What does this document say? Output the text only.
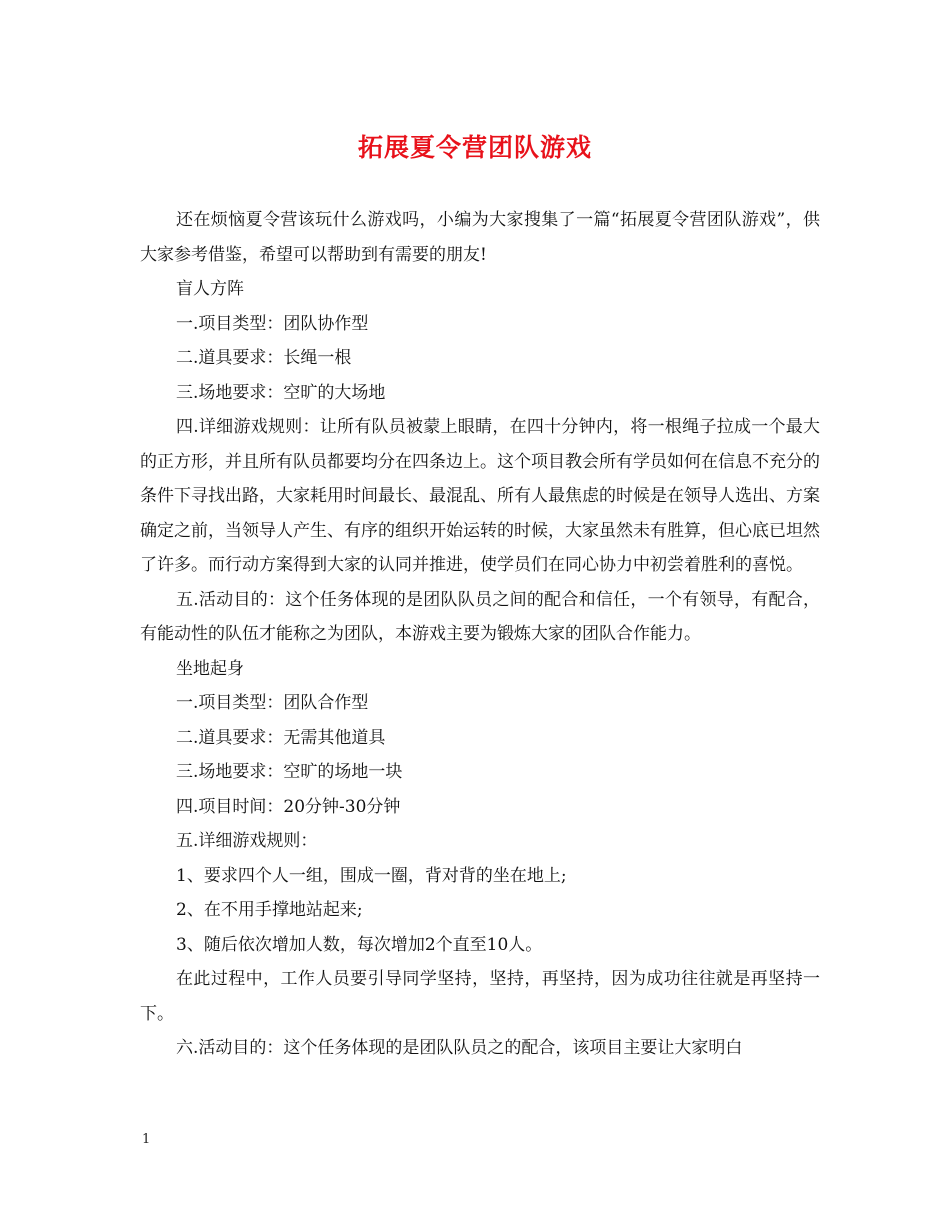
拓展夏令营团队游戏

还在烦恼夏令营该玩什么游戏吗，小编为大家搜集了一篇“拓展夏令营团队游戏”，供大家参考借鉴，希望可以帮助到有需要的朋友!

盲人方阵

一.项目类型：团队协作型

二.道具要求：长绳一根

三.场地要求：空旷的大场地

四.详细游戏规则：让所有队员被蒙上眼睛，在四十分钟内，将一根绳子拉成一个最大的正方形，并且所有队员都要均分在四条边上。这个项目教会所有学员如何在信息不充分的条件下寻找出路，大家耗用时间最长、最混乱、所有人最焦虑的时候是在领导人选出、方案确定之前，当领导人产生、有序的组织开始运转的时候，大家虽然未有胜算，但心底已坦然了许多。而行动方案得到大家的认同并推进，使学员们在同心协力中初尝着胜利的喜悦。

五.活动目的：这个任务体现的是团队队员之间的配合和信任，一个有领导，有配合，有能动性的队伍才能称之为团队，本游戏主要为锻炼大家的团队合作能力。

坐地起身

一.项目类型：团队合作型

二.道具要求：无需其他道具

三.场地要求：空旷的场地一块

四.项目时间：20分钟-30分钟

五.详细游戏规则：

1、要求四个人一组，围成一圈，背对背的坐在地上;

2、在不用手撑地站起来;

3、随后依次增加人数，每次增加2个直至10人。

在此过程中，工作人员要引导同学坚持，坚持，再坚持，因为成功往往就是再坚持一下。

六.活动目的：这个任务体现的是团队队员之的配合，该项目主要让大家明白

1
